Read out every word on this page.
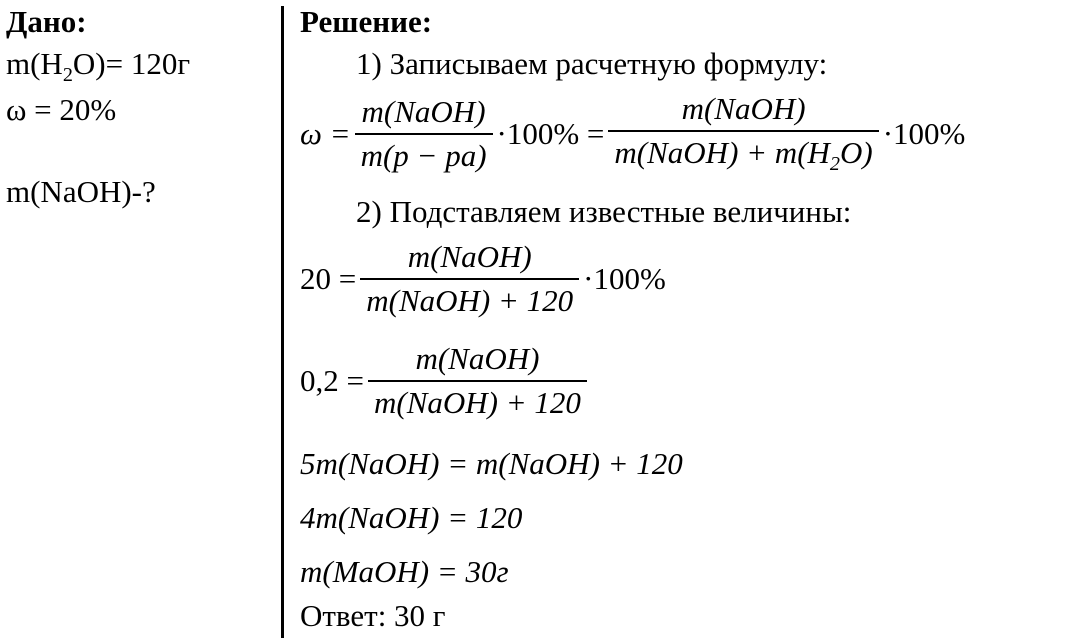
Дано:
$m(H_2O)= 120г$
ω = 20%
m(NaOH)-?
Решение:
1) Записываем расчетную формулу:
$\omega = \frac{\text{m(NaOH)}}{m(p - pa)} \cdot 100\% = \frac{\text{m(NaOH)}}{m(NaOH) + m(H_2O)} \cdot 100\%$
2) Подставляем известные величины:
$20 = \frac{\text{m(NaOH)}}{\text{m(NaOH) + 120}} \cdot 100\%$
$0,2 = \frac{\text{m(NaOH)}}{\text{m(NaOH) + 120}}$
5m(NaOH) = m(NaOH) + 120
4m(NaOH) = 120
m(MaOH) = 30г
Ответ: 30 г
